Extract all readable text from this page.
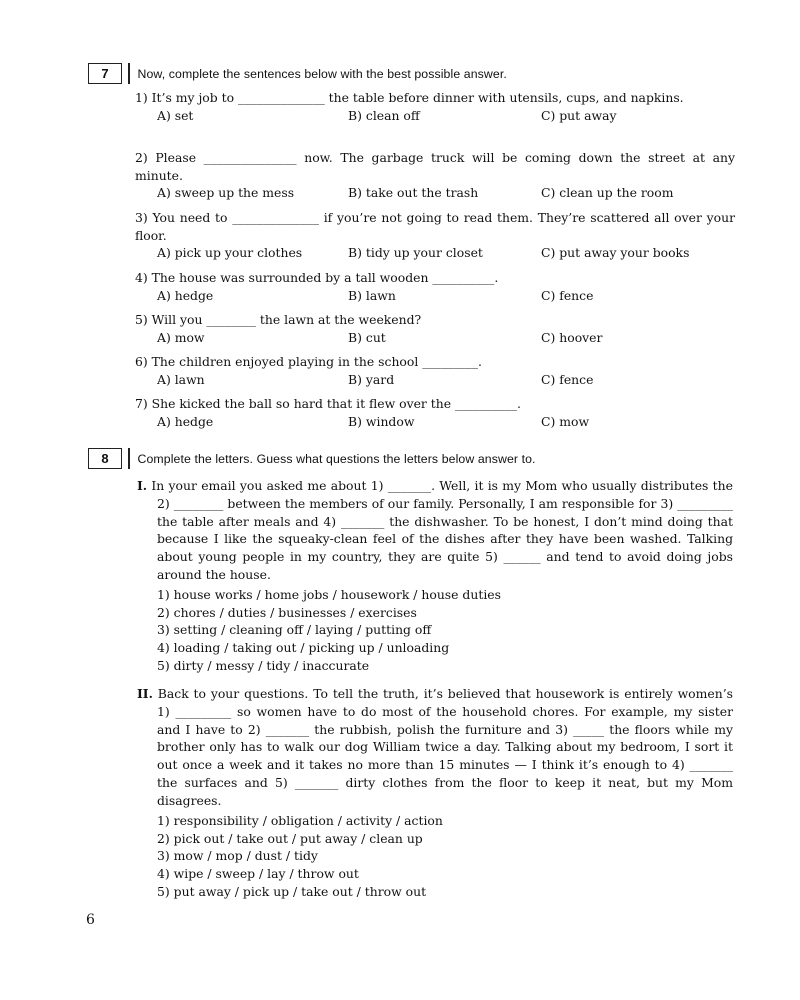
7	Now, complete the sentences below with the best possible answer.
1) It’s my job to ______________ the table before dinner with utensils, cups, and napkins.
A) set	B) clean off	C) put away
2) Please _______________ now. The garbage truck will be coming down the street at any minute.
A) sweep up the mess	B) take out the trash	C) clean up the room
3) You need to ______________ if you’re not going to read them. They’re scattered all over your floor.
A) pick up your clothes	B) tidy up your closet	C) put away your books
4) The house was surrounded by a tall wooden __________.
A) hedge	B) lawn	C) fence
5) Will you ________ the lawn at the weekend?
A) mow	B) cut	C) hoover
6) The children enjoyed playing in the school _________.
A) lawn	B) yard	C) fence
7) She kicked the ball so hard that it flew over the __________.
A) hedge	B) window	C) mow
8	Complete the letters. Guess what questions the letters below answer to.
I. In your email you asked me about 1) _______. Well, it is my Mom who usually distributes the 2) ________ between the members of our family. Personally, I am responsible for 3) _________ the table after meals and 4) _______ the dishwasher. To be honest, I don’t mind doing that because I like the squeaky-clean feel of the dishes after they have been washed. Talking about young people in my country, they are quite 5) ______ and tend to avoid doing jobs around the house.
1) house works / home jobs / housework / house duties
2) chores / duties / businesses / exercises
3) setting / cleaning off / laying / putting off
4) loading / taking out / picking up / unloading
5) dirty / messy / tidy / inaccurate
II. Back to your questions. To tell the truth, it’s believed that housework is entirely women’s 1) _________ so women have to do most of the household chores. For example, my sister and I have to 2) _______ the rubbish, polish the furniture and 3) _____ the floors while my brother only has to walk our dog William twice a day. Talking about my bedroom, I sort it out once a week and it takes no more than 15 minutes — I think it’s enough to 4) _______ the surfaces and 5) _______ dirty clothes from the floor to keep it neat, but my Mom disagrees.
1) responsibility / obligation / activity / action
2) pick out / take out / put away / clean up
3) mow / mop / dust / tidy
4) wipe / sweep / lay / throw out
5) put away / pick up / take out / throw out
6
